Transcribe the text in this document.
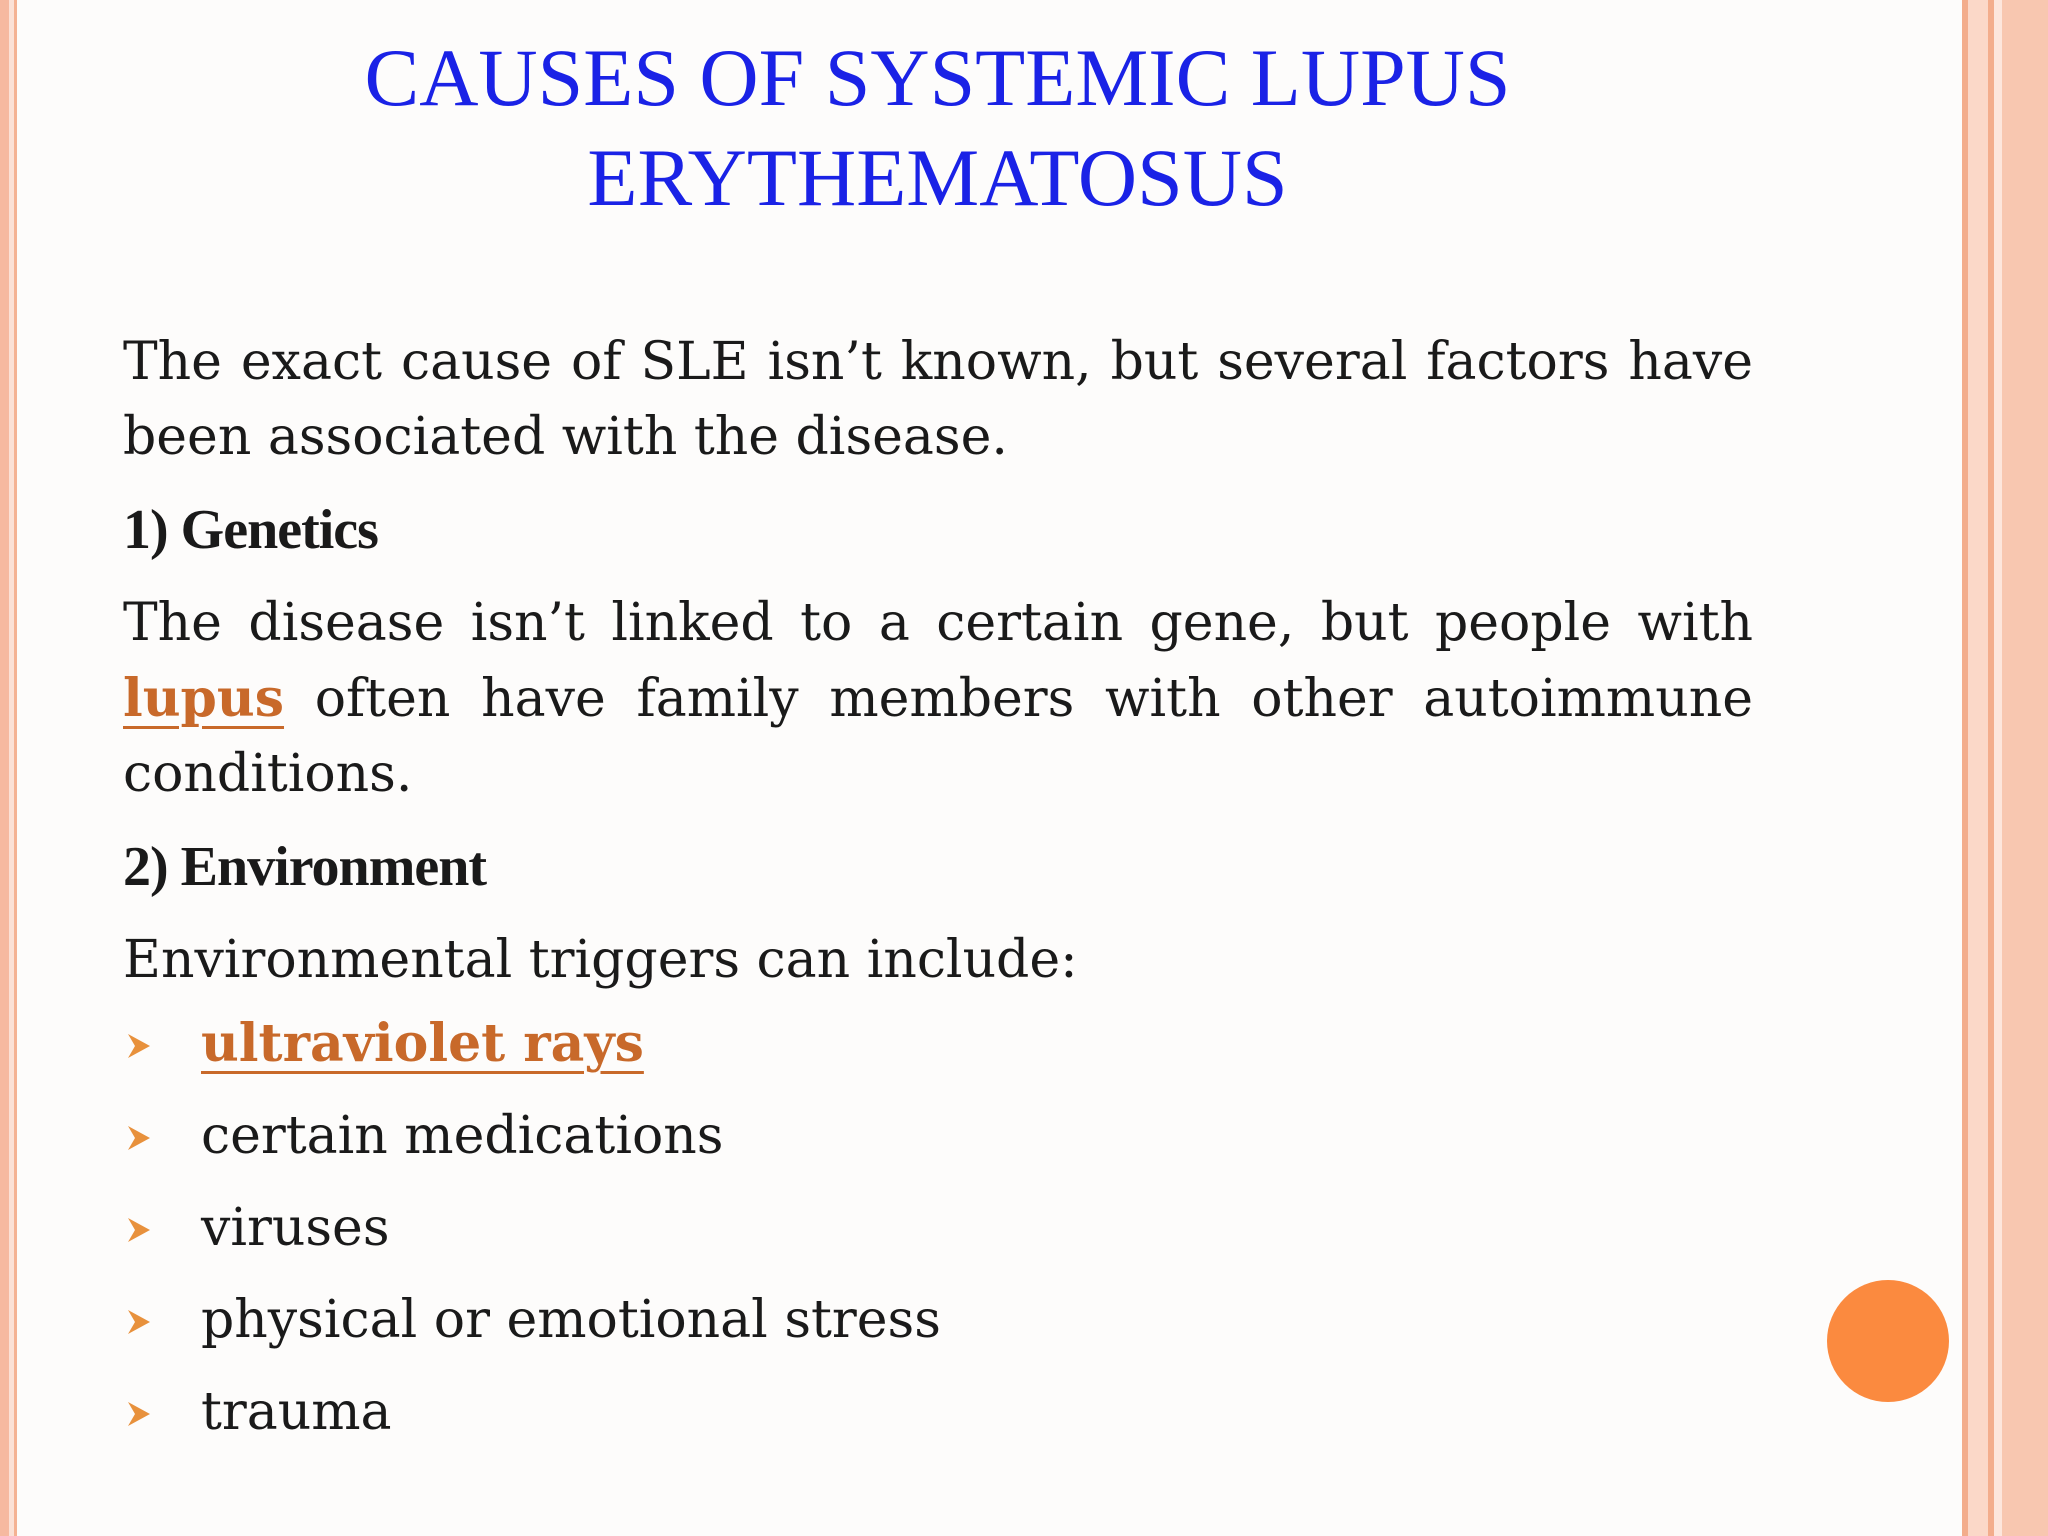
CAUSES OF SYSTEMIC LUPUS
ERYTHEMATOSUS

The exact cause of SLE isn’t known, but several factors have been associated with the disease.

1) Genetics

The disease isn’t linked to a certain gene, but people with lupus often have family members with other autoimmune conditions.

2) Environment

Environmental triggers can include:

ultraviolet rays
certain medications
viruses
physical or emotional stress
trauma
